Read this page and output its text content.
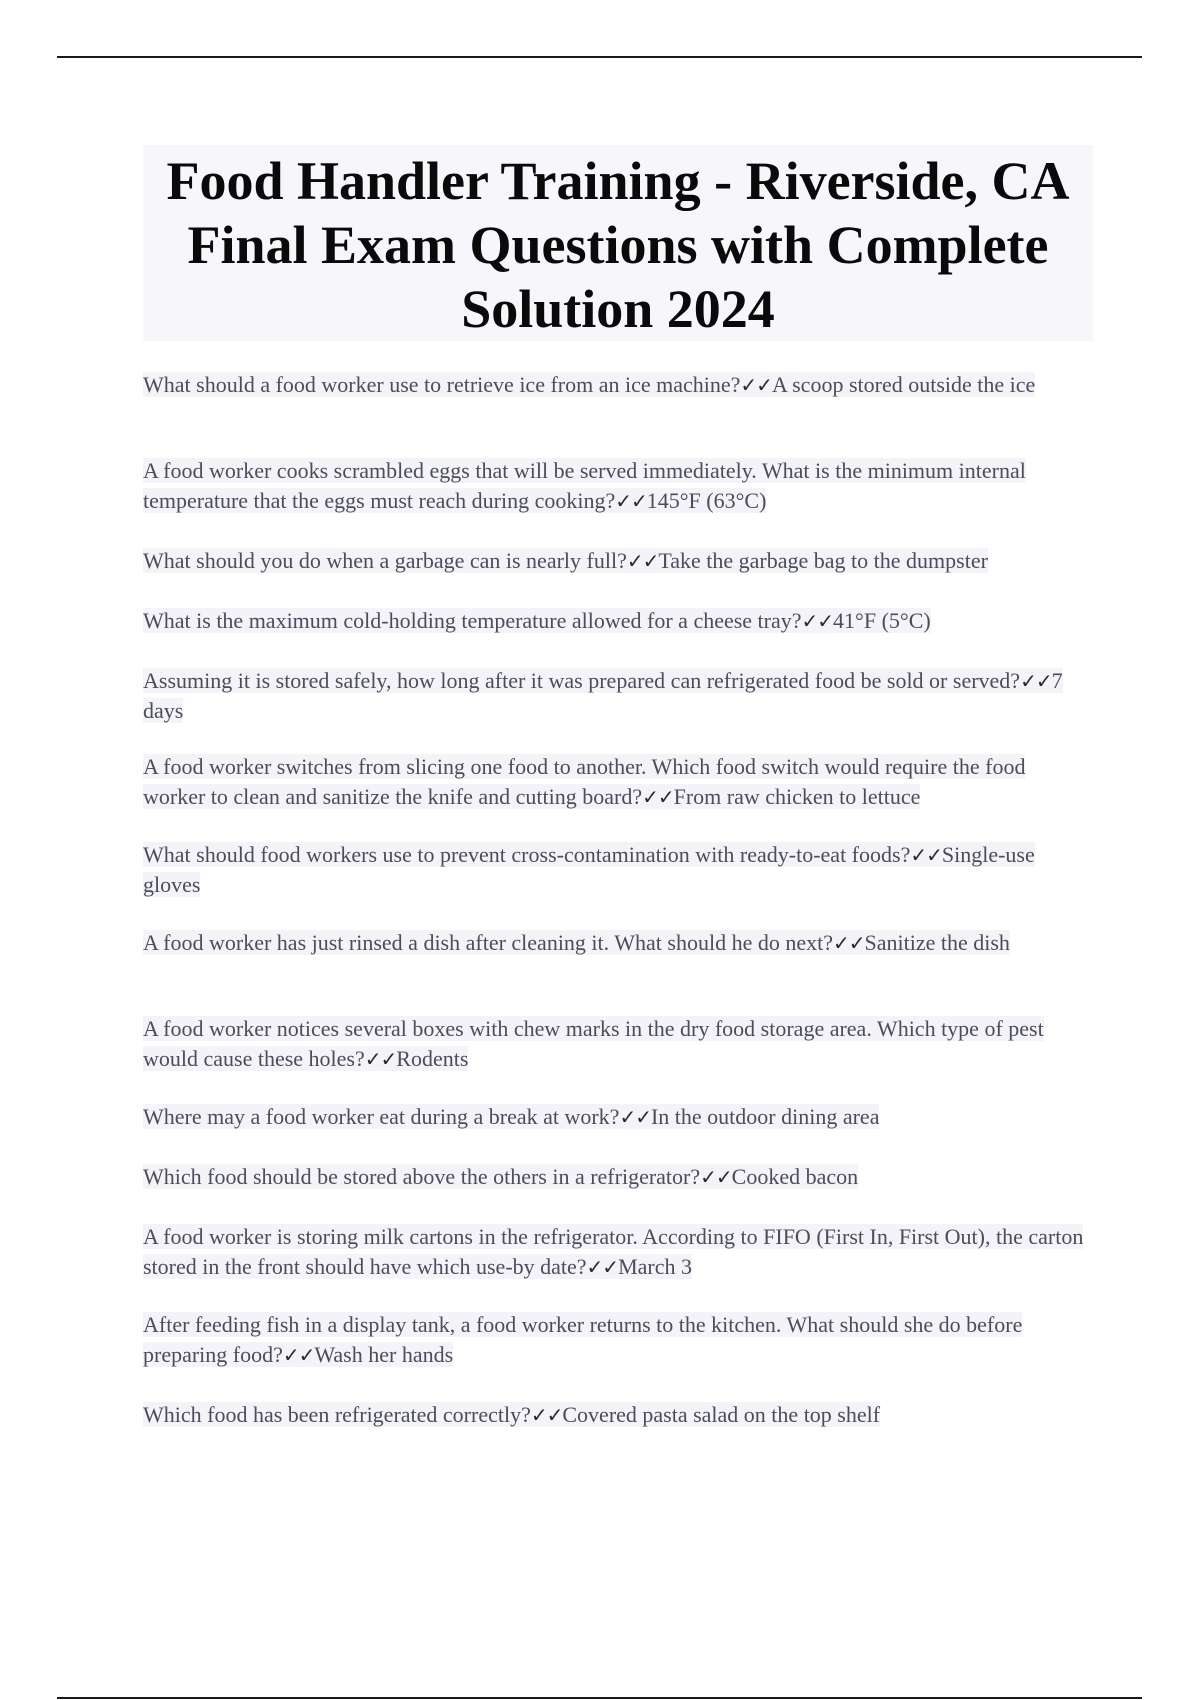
Food Handler Training - Riverside, CA
Final Exam Questions with Complete
Solution 2024
What should a food worker use to retrieve ice from an ice machine?✓✓A scoop stored outside the ice
A food worker cooks scrambled eggs that will be served immediately. What is the minimum internal temperature that the eggs must reach during cooking?✓✓145°F (63°C)
What should you do when a garbage can is nearly full?✓✓Take the garbage bag to the dumpster
What is the maximum cold-holding temperature allowed for a cheese tray?✓✓41°F (5°C)
Assuming it is stored safely, how long after it was prepared can refrigerated food be sold or served?✓✓7 days
A food worker switches from slicing one food to another. Which food switch would require the food worker to clean and sanitize the knife and cutting board?✓✓From raw chicken to lettuce
What should food workers use to prevent cross-contamination with ready-to-eat foods?✓✓Single-use gloves
A food worker has just rinsed a dish after cleaning it. What should he do next?✓✓Sanitize the dish
A food worker notices several boxes with chew marks in the dry food storage area. Which type of pest would cause these holes?✓✓Rodents
Where may a food worker eat during a break at work?✓✓In the outdoor dining area
Which food should be stored above the others in a refrigerator?✓✓Cooked bacon
A food worker is storing milk cartons in the refrigerator. According to FIFO (First In, First Out), the carton stored in the front should have which use-by date?✓✓March 3
After feeding fish in a display tank, a food worker returns to the kitchen. What should she do before preparing food?✓✓Wash her hands
Which food has been refrigerated correctly?✓✓Covered pasta salad on the top shelf
